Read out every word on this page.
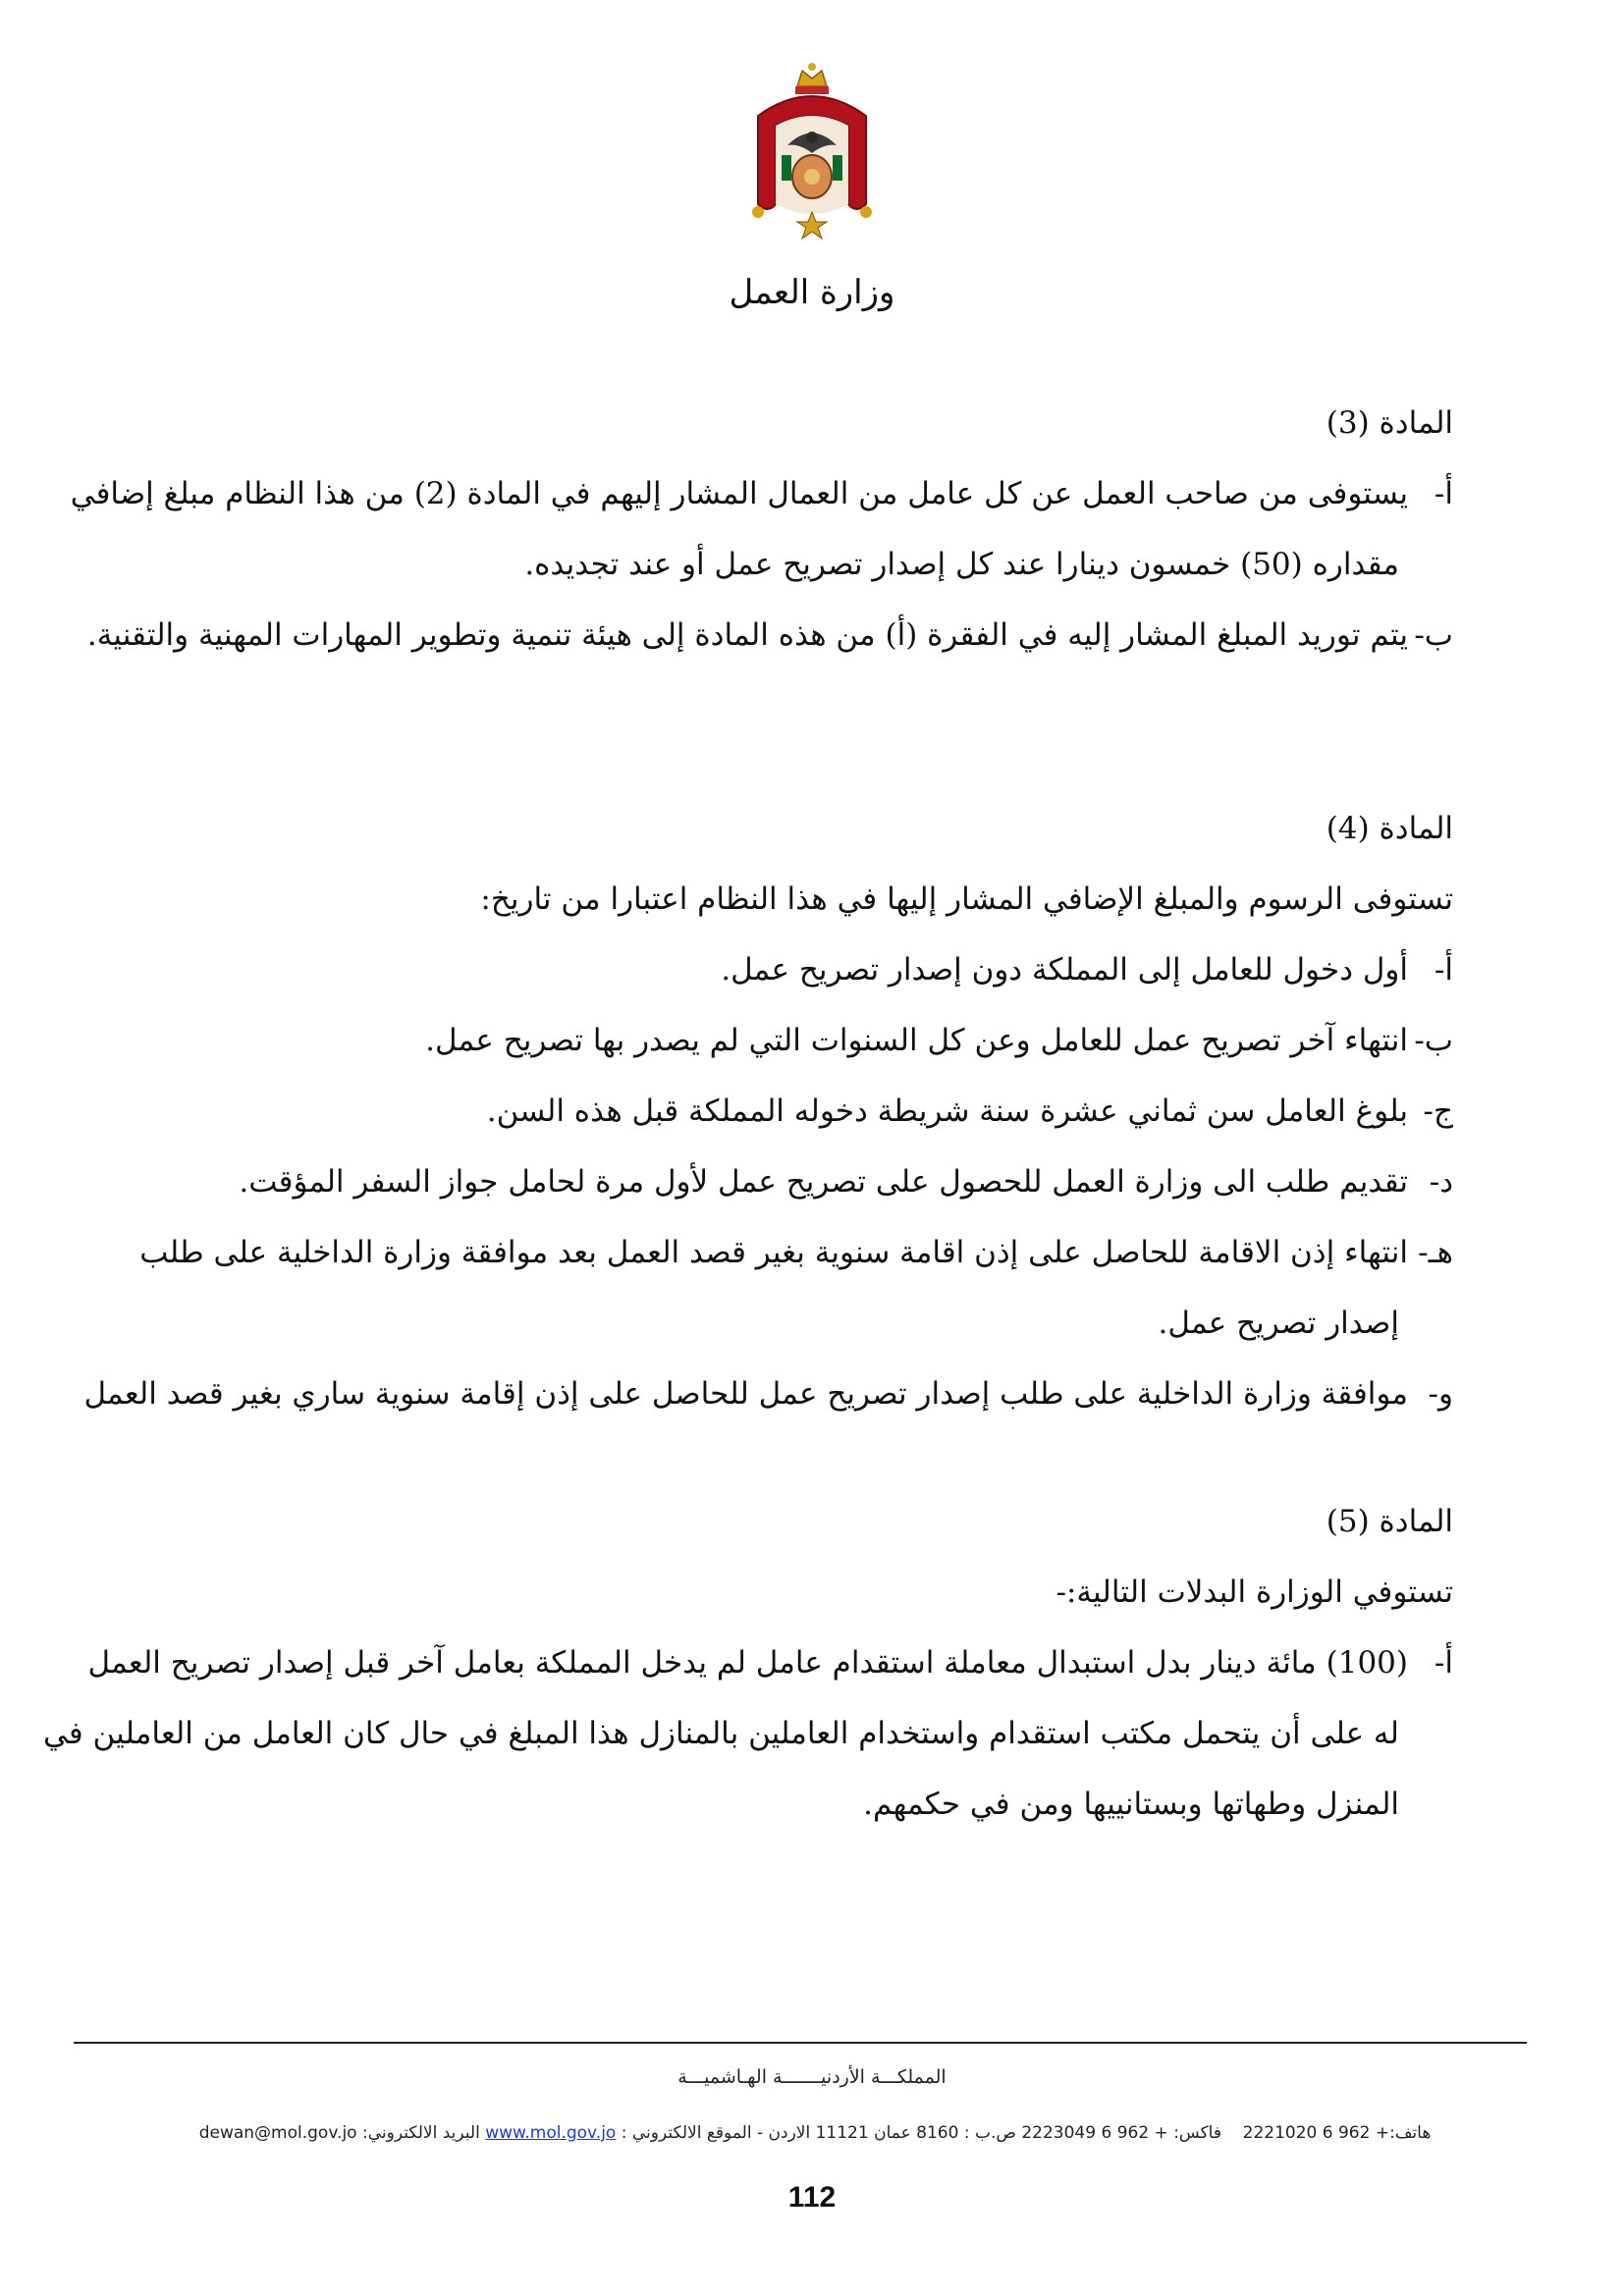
وزارة العمل
المادة (3)
أ-يستوفى من صاحب العمل عن كل عامل من العمال المشار إليهم في المادة (2) من هذا النظام مبلغ إضافي
مقداره (50) خمسون دينارا عند كل إصدار تصريح عمل أو عند تجديده.
ب-يتم توريد المبلغ المشار إليه في الفقرة (أ) من هذه المادة إلى هيئة تنمية وتطوير المهارات المهنية والتقنية.
المادة (4)
تستوفى الرسوم والمبلغ الإضافي المشار إليها في هذا النظام اعتبارا من تاريخ:
أ-أول دخول للعامل إلى المملكة دون إصدار تصريح عمل.
ب-انتهاء آخر تصريح عمل للعامل وعن كل السنوات التي لم يصدر بها تصريح عمل.
ج-بلوغ العامل سن ثماني عشرة سنة شريطة دخوله المملكة قبل هذه السن.
د-تقديم طلب الى وزارة العمل للحصول على تصريح عمل لأول مرة لحامل جواز السفر المؤقت.
هـ-انتهاء إذن الاقامة للحاصل على إذن اقامة سنوية بغير قصد العمل بعد موافقة وزارة الداخلية على طلب
إصدار تصريح عمل.
و-موافقة وزارة الداخلية على طلب إصدار تصريح عمل للحاصل على إذن إقامة سنوية ساري بغير قصد العمل
المادة (5)
تستوفي الوزارة البدلات التالية:-
أ-(100) مائة دينار بدل استبدال معاملة استقدام عامل لم يدخل المملكة بعامل آخر قبل إصدار تصريح العمل
له على أن يتحمل مكتب استقدام واستخدام العاملين بالمنازل هذا المبلغ في حال كان العامل من العاملين في
المنزل وطهاتها وبستانييها ومن في حكمهم.
المملكـــة الأردنيـــــــة الهـاشميـــة
هاتف:+ 962 6 2221020    فاكس: + 962 6 2223049 ص.ب : 8160 عمان 11121 الاردن - الموقع الالكتروني : www.mol.gov.jo البريد الالكتروني: dewan@mol.gov.jo
112
